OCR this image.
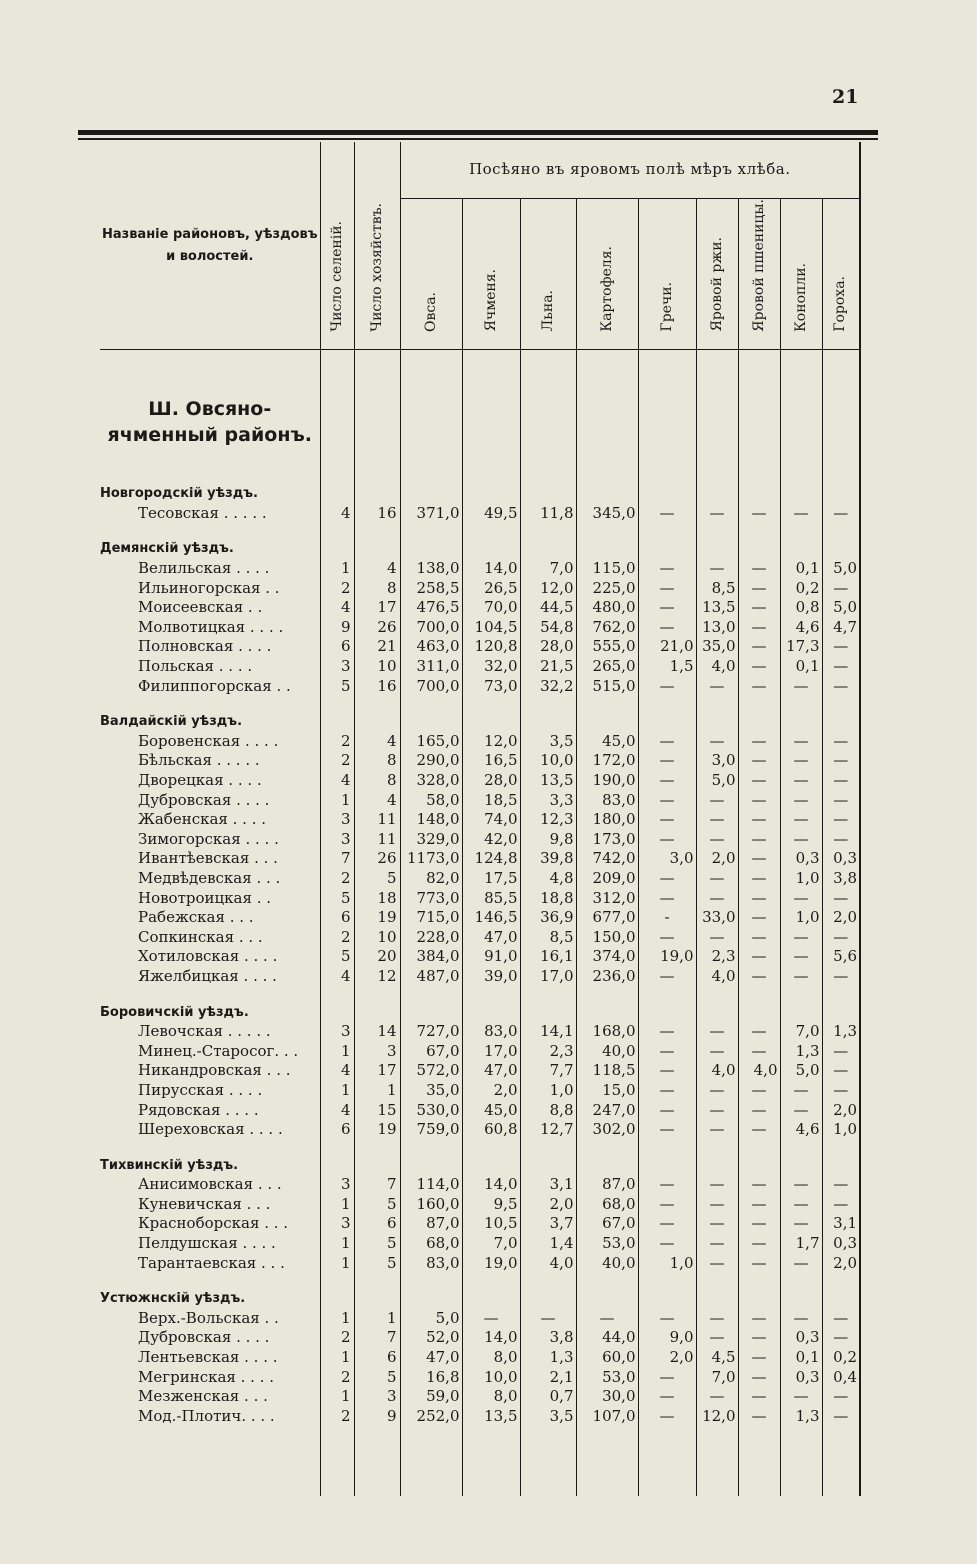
21
Названіе районовъ, уѣздовъ и волостей.	Число селеній.	Число хозяйствъ.	Посѣяно въ яровомъ полѣ мѣръ хлѣба.								
			Овса.	Ячменя.	Льна.	Картофеля.	Гречи.	Яровой ржи.	Яровой пшеницы.	Конопли.	Гороха.
Ш. Овсяно-ячменный районъ.											
Новгородскій уѣздъ.											
Тесовская . . . . .	4	16	371,0	49,5	11,8	345,0	—	—	—	—	—

Демянскій уѣздъ.											
Велильская . . . .	1	4	138,0	14,0	7,0	115,0	—	—	—	0,1	5,0
Ильиногорская . .	2	8	258,5	26,5	12,0	225,0	—	8,5	—	0,2	—
Моисеевская . .	4	17	476,5	70,0	44,5	480,0	—	13,5	—	0,8	5,0
Молвотицкая . . . .	9	26	700,0	104,5	54,8	762,0	—	13,0	—	4,6	4,7
Полновская . . . .	6	21	463,0	120,8	28,0	555,0	21,0	35,0	—	17,3	—
Польская . . . .	3	10	311,0	32,0	21,5	265,0	1,5	4,0	—	0,1	—
Филиппогорская . .	5	16	700,0	73,0	32,2	515,0	—	—	—	—	—

Валдайскій уѣздъ.											
Боровенская . . . .	2	4	165,0	12,0	3,5	45,0	—	—	—	—	—
Бѣльская . . . . .	2	8	290,0	16,5	10,0	172,0	—	3,0	—	—	—
Дворецкая . . . .	4	8	328,0	28,0	13,5	190,0	—	5,0	—	—	—
Дубровская . . . .	1	4	58,0	18,5	3,3	83,0	—	—	—	—	—
Жабенская . . . .	3	11	148,0	74,0	12,3	180,0	—	—	—	—	—
Зимогорская . . . .	3	11	329,0	42,0	9,8	173,0	—	—	—	—	—
Ивантѣевская . . .	7	26	1173,0	124,8	39,8	742,0	3,0	2,0	—	0,3	0,3
Медвѣдевская . . .	2	5	82,0	17,5	4,8	209,0	—	—	—	1,0	3,8
Новотроицкая . .	5	18	773,0	85,5	18,8	312,0	—	—	—	—	—
Рабежская . . .	6	19	715,0	146,5	36,9	677,0	-	33,0	—	1,0	2,0
Сопкинская . . .	2	10	228,0	47,0	8,5	150,0	—	—	—	—	—
Хотиловская . . . .	5	20	384,0	91,0	16,1	374,0	19,0	2,3	—	—	5,6
Яжелбицкая . . . .	4	12	487,0	39,0	17,0	236,0	—	4,0	—	—	—

Боровичскій уѣздъ.											
Левочская . . . . .	3	14	727,0	83,0	14,1	168,0	—	—	—	7,0	1,3
Минец.-Старосог. . .	1	3	67,0	17,0	2,3	40,0	—	—	—	1,3	—
Никандровская . . .	4	17	572,0	47,0	7,7	118,5	—	4,0	4,0	5,0	—
Пирусская . . . .	1	1	35,0	2,0	1,0	15,0	—	—	—	—	—
Рядовская . . . .	4	15	530,0	45,0	8,8	247,0	—	—	—	—	2,0
Шереховская . . . .	6	19	759,0	60,8	12,7	302,0	—	—	—	4,6	1,0

Тихвинскій уѣздъ.											
Анисимовская . . .	3	7	114,0	14,0	3,1	87,0	—	—	—	—	—
Куневичская . . .	1	5	160,0	9,5	2,0	68,0	—	—	—	—	—
Красноборская . . .	3	6	87,0	10,5	3,7	67,0	—	—	—	—	3,1
Пелдушская . . . .	1	5	68,0	7,0	1,4	53,0	—	—	—	1,7	0,3
Тарантаевская . . .	1	5	83,0	19,0	4,0	40,0	1,0	—	—	—	2,0

Устюжнскій уѣздъ.											
Верх.-Вольская . .	1	1	5,0	—	—	—	—	—	—	—	—
Дубровская . . . .	2	7	52,0	14,0	3,8	44,0	9,0	—	—	0,3	—
Лентьевская . . . .	1	6	47,0	8,0	1,3	60,0	2,0	4,5	—	0,1	0,2
Мегринская . . . .	2	5	16,8	10,0	2,1	53,0	—	7,0	—	0,3	0,4
Мезженская . . .	1	3	59,0	8,0	0,7	30,0	—	—	—	—	—
Мод.-Плотич. . . .	2	9	252,0	13,5	3,5	107,0	—	12,0	—	1,3	—
